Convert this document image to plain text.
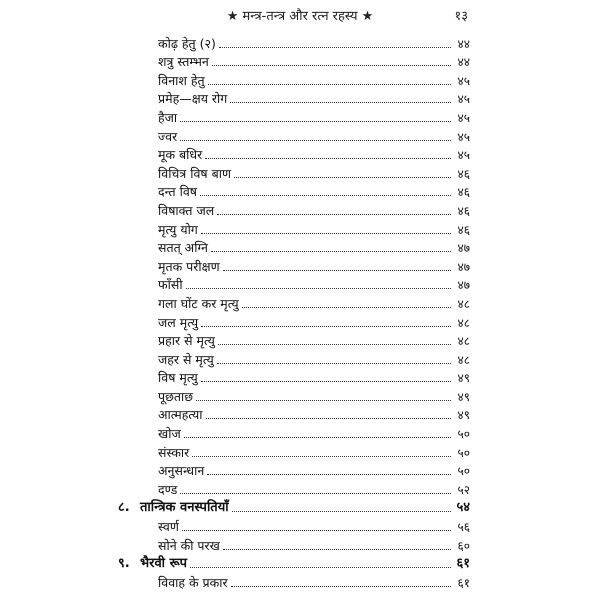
★ मन्त्र-तन्त्र और रत्न रहस्य ★	१३
कोढ़ हेतु (२)	४४
शत्रु स्तम्भन	४४
विनाश हेतु	४५
प्रमेह—क्षय रोग	४५
हैजा	४५
ज्वर	४५
मूक बधिर	४५
विचित्र विष बाण	४६
दन्त विष	४६
विषाक्त जल	४६
मृत्यु योग	४६
सतत् अग्नि	४७
मृतक परीक्षण	४७
फाँसी	४७
गला घोंट कर मृत्यु	४८
जल मृत्यु	४८
प्रहार से मृत्यु	४८
जहर से मृत्यु	४८
विष मृत्यु	४९
पूछताछ	४९
आत्महत्या	४९
खोज	५०
संस्कार	५०
अनुसन्धान	५०
दण्ड	५२
८. तान्त्रिक वनस्पतियाँ	५४
स्वर्ण	५६
सोने की परख	६०
९. भैरवी रूप	६१
विवाह के प्रकार	६१
